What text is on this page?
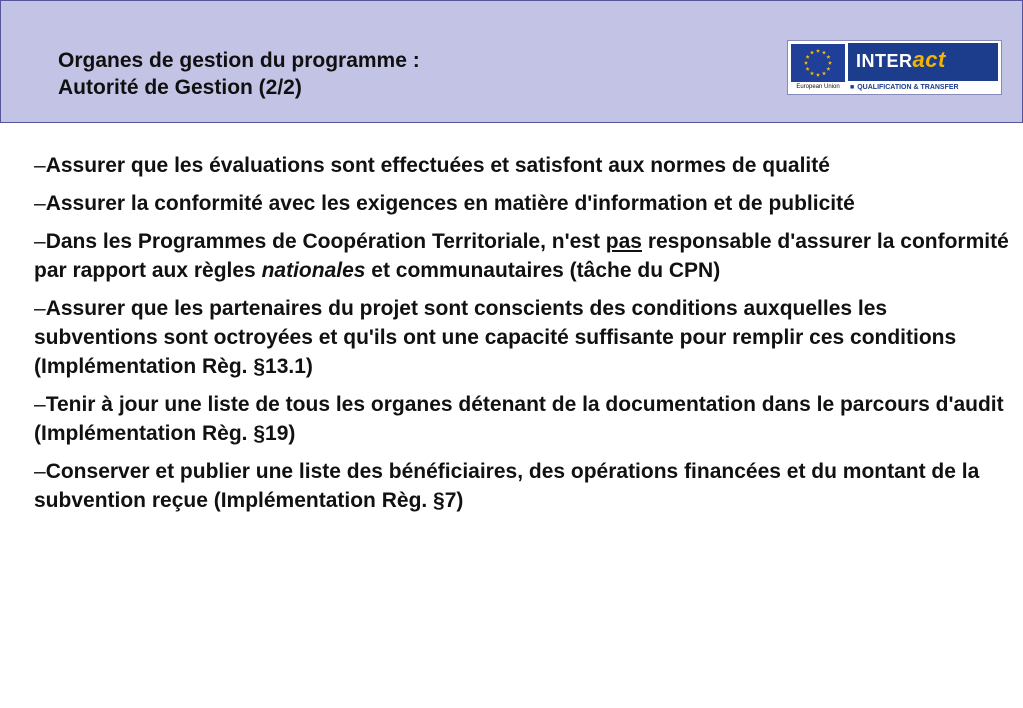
Organes de gestion du programme :
Autorité de Gestion (2/2)	European Union
INTERact
■ QUALIFICATION & TRANSFER

–Assurer que les évaluations sont effectuées et satisfont aux normes de qualité

–Assurer la conformité avec les exigences en matière d'information et de publicité

–Dans les Programmes de Coopération Territoriale, n'est pas responsable d'assurer la conformité par rapport aux règles nationales et communautaires (tâche du CPN)

–Assurer que les partenaires du projet sont conscients des conditions auxquelles les subventions sont octroyées et qu'ils ont une capacité suffisante pour remplir ces conditions (Implémentation Règ. §13.1)

–Tenir à jour une liste de tous les organes détenant de la documentation dans le parcours d'audit (Implémentation Règ. §19)

–Conserver et publier une liste des bénéficiaires, des opérations financées et du montant de la subvention reçue (Implémentation Règ. §7)
